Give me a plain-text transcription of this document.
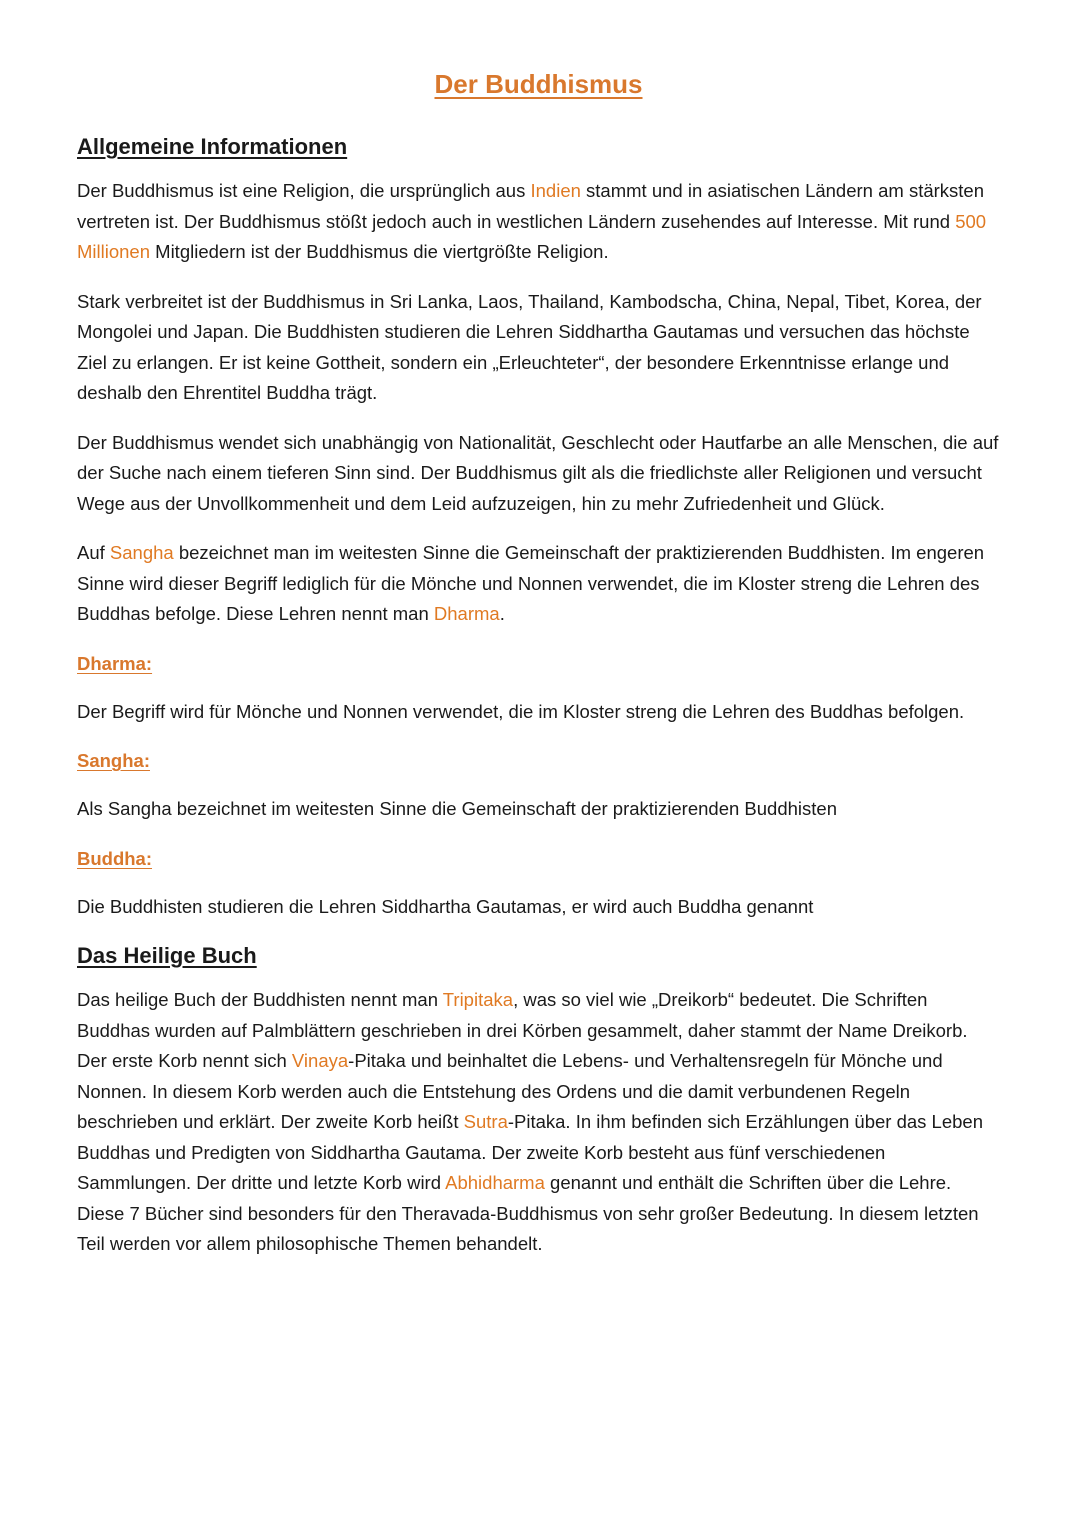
Der Buddhismus
Allgemeine Informationen

Der Buddhismus ist eine Religion, die ursprünglich aus Indien stammt und in asiatischen Ländern am stärksten vertreten ist. Der Buddhismus stößt jedoch auch in westlichen Ländern zusehendes auf Interesse. Mit rund 500 Millionen Mitgliedern ist der Buddhismus die viertgrößte Religion.

Stark verbreitet ist der Buddhismus in Sri Lanka, Laos, Thailand, Kambodscha, China, Nepal, Tibet, Korea, der Mongolei und Japan. Die Buddhisten studieren die Lehren Siddhartha Gautamas und versuchen das höchste Ziel zu erlangen. Er ist keine Gottheit, sondern ein „Erleuchteter“, der besondere Erkenntnisse erlange und deshalb den Ehrentitel Buddha trägt.

Der Buddhismus wendet sich unabhängig von Nationalität, Geschlecht oder Hautfarbe an alle Menschen, die auf der Suche nach einem tieferen Sinn sind. Der Buddhismus gilt als die friedlichste aller Religionen und versucht Wege aus der Unvollkommenheit und dem Leid aufzuzeigen, hin zu mehr Zufriedenheit und Glück.

Auf Sangha bezeichnet man im weitesten Sinne die Gemeinschaft der praktizierenden Buddhisten. Im engeren Sinne wird dieser Begriff lediglich für die Mönche und Nonnen verwendet, die im Kloster streng die Lehren des Buddhas befolge. Diese Lehren nennt man Dharma.

Dharma:

Der Begriff wird für Mönche und Nonnen verwendet, die im Kloster streng die Lehren des Buddhas befolgen.

Sangha:

Als Sangha bezeichnet im weitesten Sinne die Gemeinschaft der praktizierenden Buddhisten

Buddha:

Die Buddhisten studieren die Lehren Siddhartha Gautamas, er wird auch Buddha genannt

Das Heilige Buch

Das heilige Buch der Buddhisten nennt man Tripitaka, was so viel wie „Dreikorb“ bedeutet. Die Schriften Buddhas wurden auf Palmblättern geschrieben in drei Körben gesammelt, daher stammt der Name Dreikorb. Der erste Korb nennt sich Vinaya-Pitaka und beinhaltet die Lebens- und Verhaltensregeln für Mönche und Nonnen. In diesem Korb werden auch die Entstehung des Ordens und die damit verbundenen Regeln beschrieben und erklärt. Der zweite Korb heißt Sutra-Pitaka. In ihm befinden sich Erzählungen über das Leben Buddhas und Predigten von Siddhartha Gautama. Der zweite Korb besteht aus fünf verschiedenen Sammlungen. Der dritte und letzte Korb wird Abhidharma genannt und enthält die Schriften über die Lehre. Diese 7 Bücher sind besonders für den Theravada-Buddhismus von sehr großer Bedeutung. In diesem letzten Teil werden vor allem philosophische Themen behandelt.
